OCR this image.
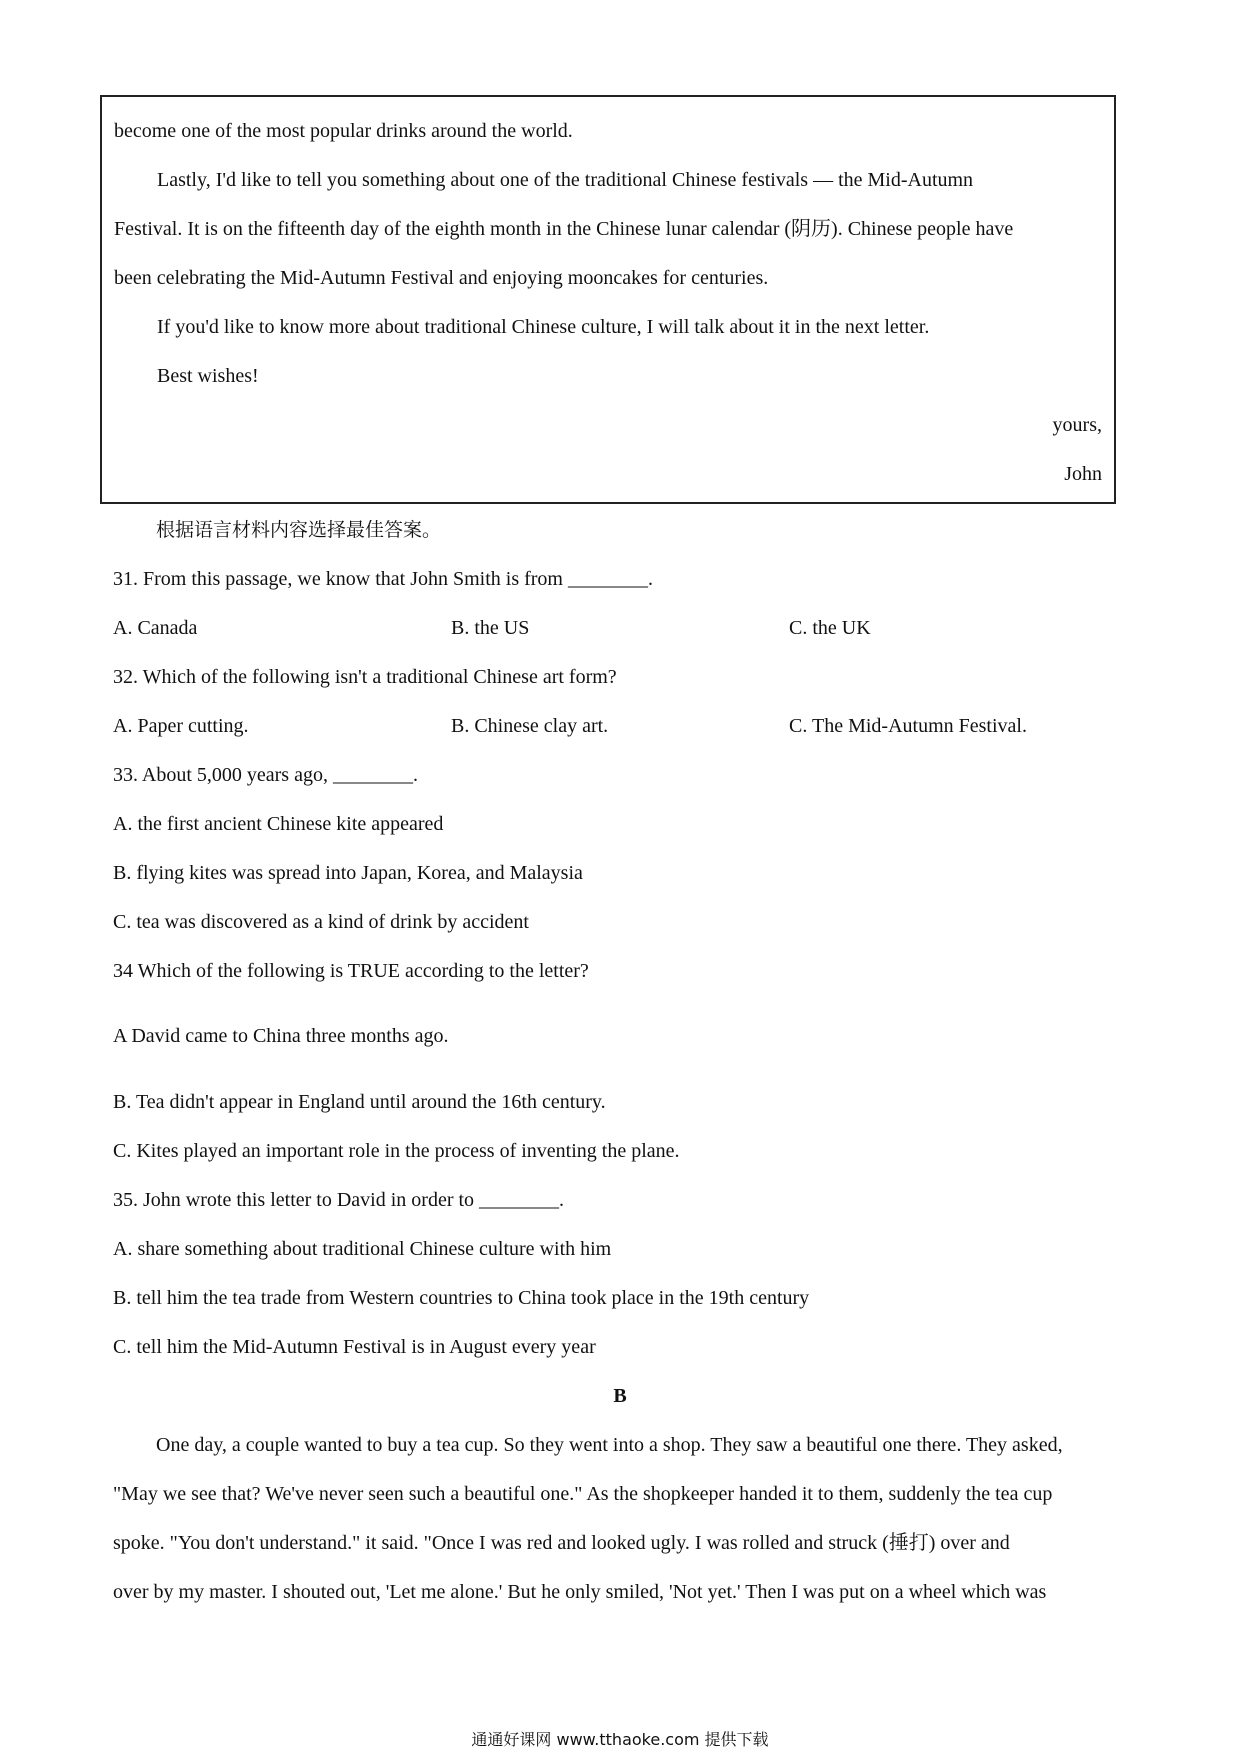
become one of the most popular drinks around the world.
Lastly, I'd like to tell you something about one of the traditional Chinese festivals — the Mid-Autumn
Festival. It is on the fifteenth day of the eighth month in the Chinese lunar calendar (阴历). Chinese people have
been celebrating the Mid-Autumn Festival and enjoying mooncakes for centuries.
If you'd like to know more about traditional Chinese culture, I will talk about it in the next letter.
Best wishes!
yours,
John
根据语言材料内容选择最佳答案。
31. From this passage, we know that John Smith is from ________.
A. Canada	B. the US	C. the UK
32. Which of the following isn't a traditional Chinese art form?
A. Paper cutting.	B. Chinese clay art.	C. The Mid-Autumn Festival.
33. About 5,000 years ago, ________.
A. the first ancient Chinese kite appeared
B. flying kites was spread into Japan, Korea, and Malaysia
C. tea was discovered as a kind of drink by accident
34 Which of the following is TRUE according to the letter?
A David came to China three months ago.
B. Tea didn't appear in England until around the 16th century.
C. Kites played an important role in the process of inventing the plane.
35. John wrote this letter to David in order to ________.
A. share something about traditional Chinese culture with him
B. tell him the tea trade from Western countries to China took place in the 19th century
C. tell him the Mid-Autumn Festival is in August every year
B
One day, a couple wanted to buy a tea cup. So they went into a shop. They saw a beautiful one there. They asked,
"May we see that? We've never seen such a beautiful one." As the shopkeeper handed it to them, suddenly the tea cup
spoke. "You don't understand." it said. "Once I was red and looked ugly. I was rolled and struck (捶打) over and
over by my master. I shouted out, 'Let me alone.' But he only smiled, 'Not yet.' Then I was put on a wheel which was
通通好课网 www.tthaoke.com 提供下载
